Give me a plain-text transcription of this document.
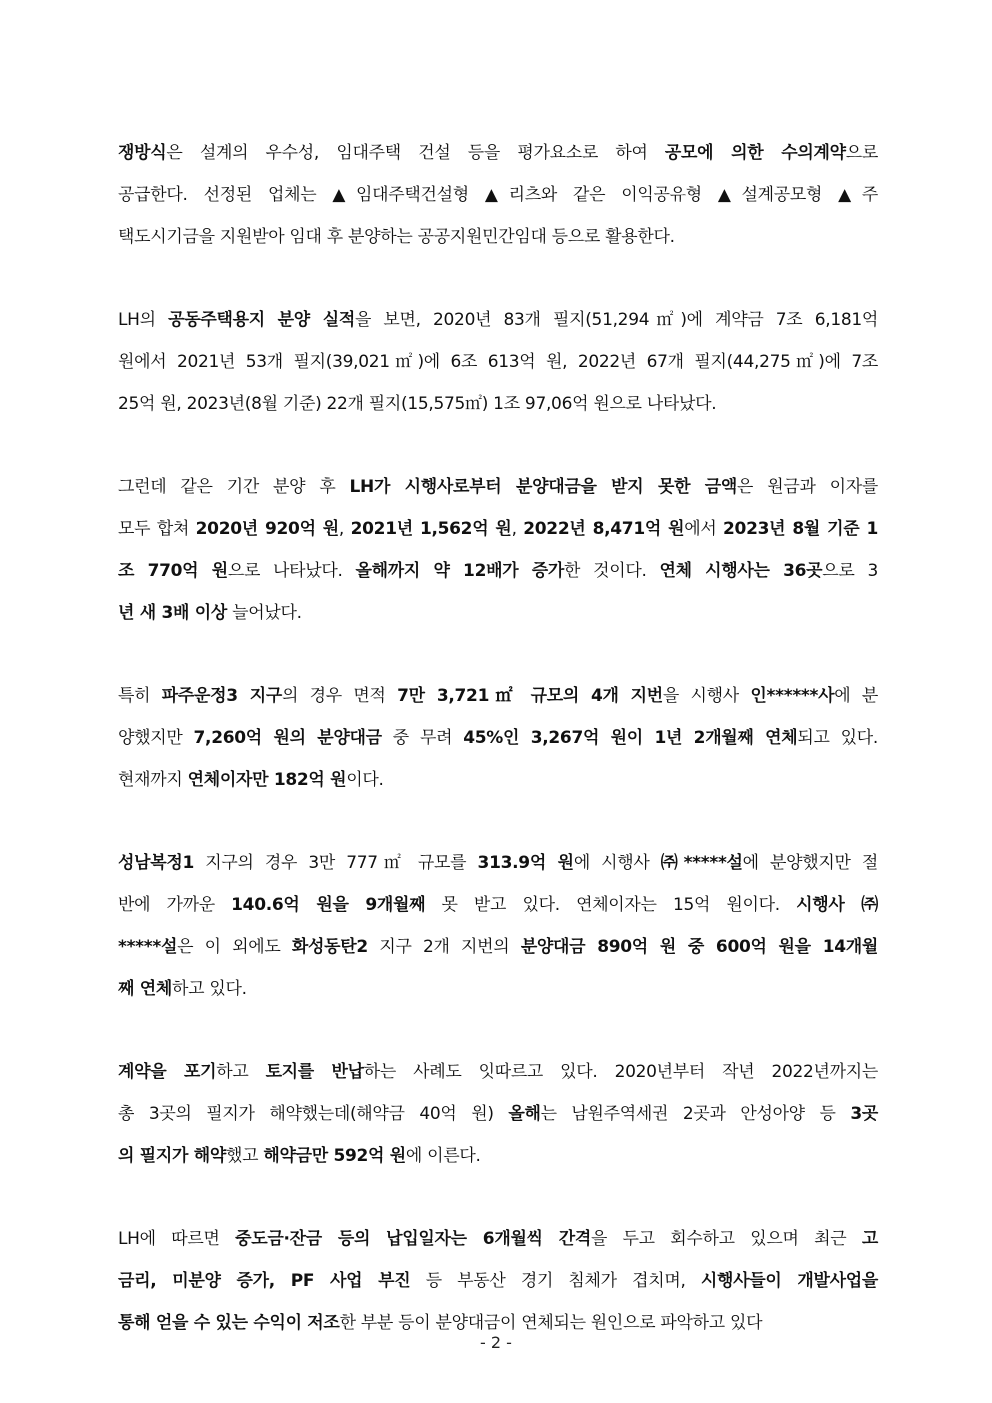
쟁방식은 설계의 우수성, 임대주택 건설 등을 평가요소로 하여 공모에 의한 수의계약으로
공급한다. 선정된 업체는 ▲임대주택건설형 ▲리츠와 같은 이익공유형 ▲설계공모형 ▲주
택도시기금을 지원받아 임대 후 분양하는 공공지원민간임대 등으로 활용한다.
LH의 공동주택용지 분양 실적을 보면, 2020년 83개 필지(51,294㎡)에 계약금 7조 6,181억
원에서 2021년 53개 필지(39,021㎡)에 6조 613억 원, 2022년 67개 필지(44,275㎡)에 7조
25억 원, 2023년(8월 기준) 22개 필지(15,575㎡) 1조 97,06억 원으로 나타났다.
그런데 같은 기간 분양 후 LH가 시행사로부터 분양대금을 받지 못한 금액은 원금과 이자를
모두 합쳐 2020년 920억 원, 2021년 1,562억 원, 2022년 8,471억 원에서 2023년 8월 기준 1
조 770억 원으로 나타났다. 올해까지 약 12배가 증가한 것이다. 연체 시행사는 36곳으로 3
년 새 3배 이상 늘어났다.
특히 파주운정3 지구의 경우 면적 7만 3,721㎡ 규모의 4개 지번을 시행사 인******사에 분
양했지만 7,260억 원의 분양대금 중 무려 45%인 3,267억 원이 1년 2개월째 연체되고 있다.
현재까지 연체이자만 182억 원이다.
성남복정1 지구의 경우 3만 777㎡ 규모를 313.9억 원에 시행사 ㈜*****설에 분양했지만 절
반에 가까운 140.6억 원을 9개월째 못 받고 있다. 연체이자는 15억 원이다. 시행사 ㈜
*****설은 이 외에도 화성동탄2 지구 2개 지번의 분양대금 890억 원 중 600억 원을 14개월
째 연체하고 있다.
계약을 포기하고 토지를 반납하는 사례도 잇따르고 있다. 2020년부터 작년 2022년까지는
총 3곳의 필지가 해약했는데(해약금 40억 원) 올해는 남원주역세권 2곳과 안성아양 등 3곳
의 필지가 해약했고 해약금만 592억 원에 이른다.
LH에 따르면 중도금·잔금 등의 납입일자는 6개월씩 간격을 두고 회수하고 있으며 최근 고
금리, 미분양 증가, PF 사업 부진 등 부동산 경기 침체가 겹치며, 시행사들이 개발사업을
통해 얻을 수 있는 수익이 저조한 부분 등이 분양대금이 연체되는 원인으로 파악하고 있다
- 2 -
